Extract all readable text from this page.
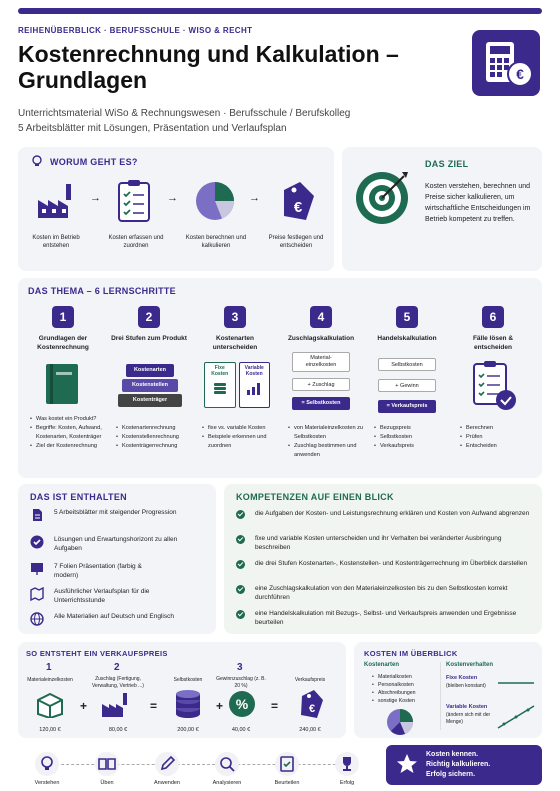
REIHENÜBERBLICK · BERUFSSCHULE · WISO & RECHT
Kostenrechnung und Kalkulation – Grundlagen
Unterrichtsmaterial WiSo & Rechnungswesen · Berufsschule / Berufskolleg
5 Arbeitsblätter mit Lösungen, Präsentation und Verlaufsplan
€
WORUM GEHT ES?
→	→	→
€
Kosten im Betrieb entstehen
Kosten erfassen und zuordnen
Kosten berechnen und kalkulieren
Preise festlegen und entscheiden
DAS ZIEL
Kosten verstehen, berechnen und Preise sicher kalkulieren, um wirtschaftliche Entscheidungen im Betrieb kompetent zu treffen.
DAS THEMA – 6 LERNSCHRITTE
1
Grundlagen der Kostenrechnung
• Was kostet ein Produkt?
• Begriffe: Kosten, Aufwand, Kostenarten, Kostenträger
• Ziel der Kostenrechnung
2
Drei Stufen zum Produkt
Kostenarten
Kostenstellen
Kostenträger
• Kostenartenrechnung
• Kostenstellenrechnung
• Kostenträgerrechnung
3
Kostenarten unterscheiden
Fixe Kosten
Variable Kosten
• fixe vs. variable Kosten
• Beispiele erkennen und zuordnen
4
Zuschlagskalkulation
Material-einzelkosten
+ Zuschlag
= Selbstkosten
• von Materialeinzelkosten zu Selbstkosten
• Zuschlag bestimmen und anwenden
5
Handelskalkulation
Selbstkosten
+ Gewinn
= Verkaufspreis
• Bezugspreis
• Selbstkosten
• Verkaufspreis
6
Fälle lösen & entscheiden
• Berechnen
• Prüfen
• Entscheiden
DAS IST ENTHALTEN
5 Arbeitsblätter mit steigender Progression
Lösungen und Erwartungshorizont zu allen Aufgaben
7 Folien Präsentation (farbig & modern)
Ausführlicher Verlaufsplan für die Unterrichtsstunde
Alle Materialien auf Deutsch und Englisch
KOMPETENZEN AUF EINEN BLICK
die Aufgaben der Kosten- und Leistungsrechnung erklären und Kosten von Aufwand abgrenzen
fixe und variable Kosten unterscheiden und ihr Verhalten bei veränderter Ausbringung beschreiben
die drei Stufen Kostenarten-, Kostenstellen- und Kostenträgerrechnung im Überblick darstellen
eine Zuschlagskalkulation von den Materialeinzelkosten bis zu den Selbstkosten korrekt durchführen
eine Handelskalkulation mit Bezugs-, Selbst- und Verkaufspreis anwenden und Ergebnisse beurteilen
SO ENTSTEHT EIN VERKAUFSPREIS
1
Materialeinzelkosten
120,00 €
+
2
Zuschlag (Fertigung, Verwaltung, Vertrieb ...)
80,00 €
=
Selbstkosten
200,00 €
+
3
Gewinnzuschlag (z. B. 20 %)
%
40,00 €
=
Verkaufspreis
€
240,00 €
KOSTEN IM ÜBERBLICK
Kostenarten
• Materialkosten
• Personalkosten
• Abschreibungen
• sonstige Kosten
Kostenverhalten
Fixe Kosten
(bleiben konstant)
Variable Kosten
(ändern sich mit der Menge)
Verstehen	Üben	Anwenden	Analysieren	Beurteilen	Erfolg
Kosten kennen.
Richtig kalkulieren.
Erfolg sichern.
